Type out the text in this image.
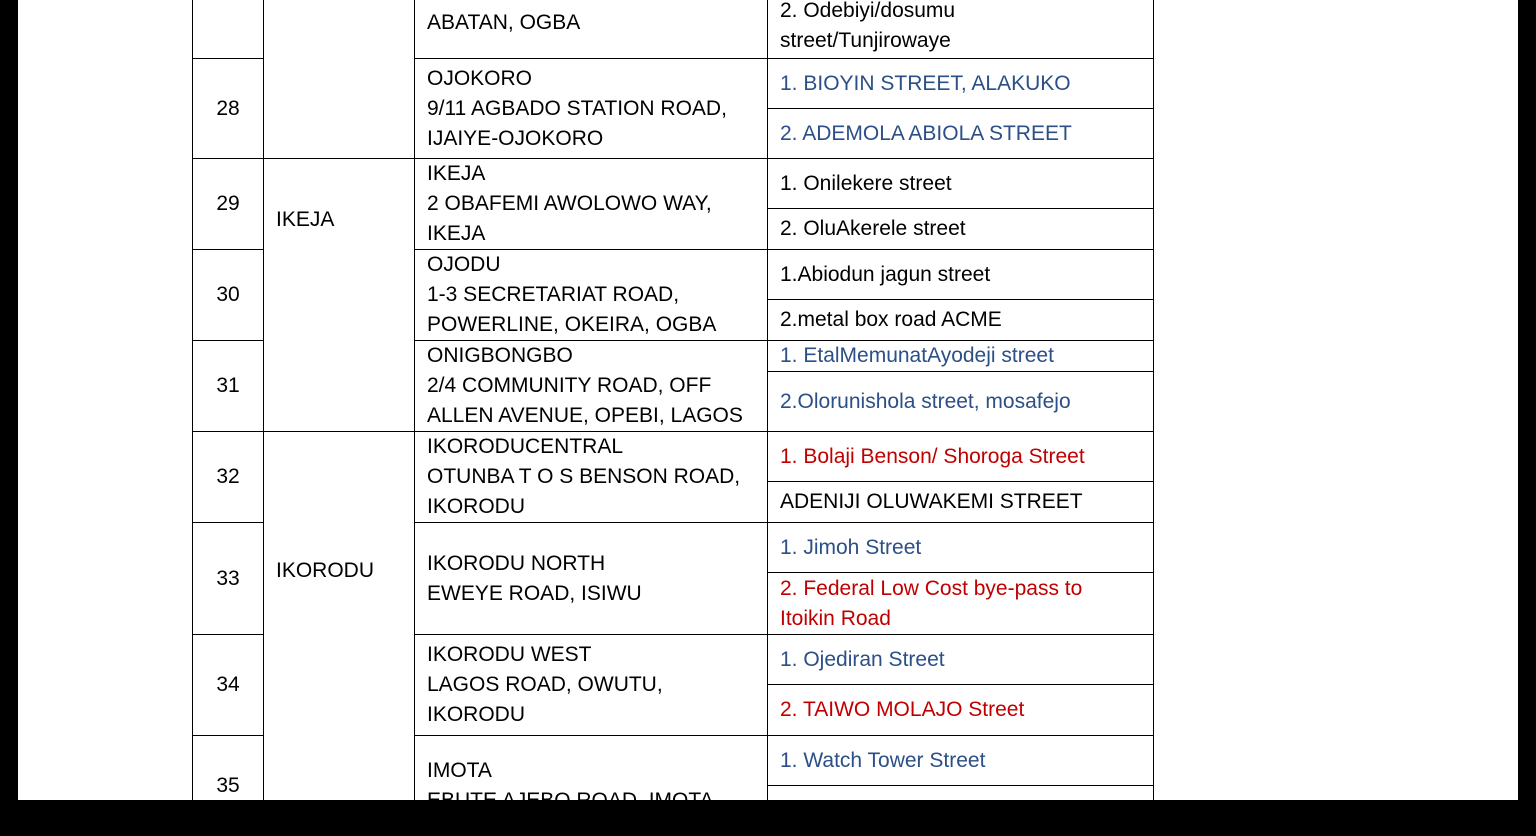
	ABATAN, OGBA	
			2. Odebiyi/dosumu
street/Tunjirowaye
28		OJOKORO
9/11 AGBADO STATION ROAD,
IJAIYE-OJOKORO	1. BIOYIN STREET, ALAKUKO
			2. ADEMOLA ABIOLA STREET
29	IKEJA	IKEJA
2 OBAFEMI AWOLOWO WAY,
IKEJA	1. Onilekere street
			2. OluAkerele street
30		OJODU
1-3 SECRETARIAT ROAD,
POWERLINE, OKEIRA, OGBA	1.Abiodun jagun street
			2.metal box road ACME
31		ONIGBONGBO
2/4 COMMUNITY ROAD, OFF
ALLEN AVENUE, OPEBI, LAGOS	1. EtalMemunatAyodeji street
			2.Olorunishola street, mosafejo
32	IKORODU	IKORODUCENTRAL
OTUNBA T O S BENSON ROAD,
IKORODU	1. Bolaji Benson/ Shoroga Street
			ADENIJI OLUWAKEMI STREET
33		IKORODU NORTH
EWEYE ROAD, ISIWU	1. Jimoh Street
			2. Federal Low Cost bye-pass to
Itoikin Road
34		IKORODU WEST
LAGOS ROAD, OWUTU,
IKORODU	1. Ojediran Street
			2. TAIWO MOLAJO Street
35		IMOTA
EBUTE AJEBO ROAD, IMOTA	1. Watch Tower Street
			2.IMAM SALISU STREET
